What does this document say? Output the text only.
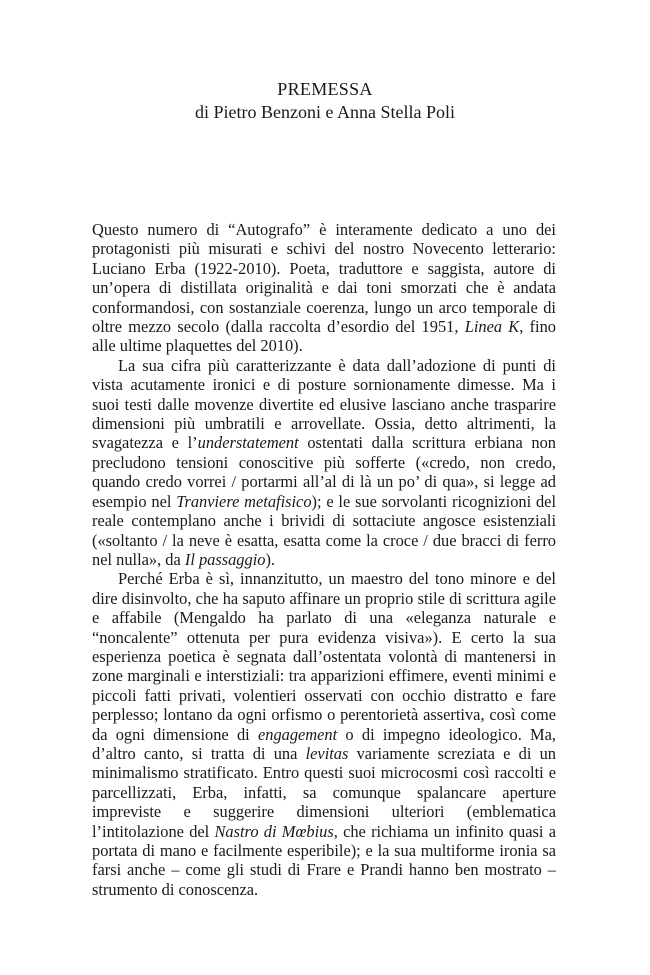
PREMESSA
di Pietro Benzoni e Anna Stella Poli

Questo numero di “Autografo” è interamente dedicato a uno dei protagonisti più misurati e schivi del nostro Novecento letterario: Luciano Erba (1922-2010). Poeta, traduttore e saggista, autore di un’opera di distillata originalità e dai toni smorzati che è andata conformandosi, con sostanziale coerenza, lungo un arco temporale di oltre mezzo secolo (dalla raccolta d’esordio del 1951, Linea K, fino alle ultime plaquettes del 2010).

La sua cifra più caratterizzante è data dall’adozione di punti di vista acutamente ironici e di posture sornionamente dimesse. Ma i suoi testi dalle movenze divertite ed elusive lasciano anche trasparire dimensioni più umbratili e arrovellate. Ossia, detto altrimenti, la svagatezza e l’understatement ostentati dalla scrittura erbiana non precludono tensioni conoscitive più sofferte («credo, non credo, quando credo vorrei / portarmi all’al di là un po’ di qua», si legge ad esempio nel Tranviere metafisico); e le sue sorvolanti ricognizioni del reale contemplano anche i brividi di sottaciute angosce esistenziali («soltanto / la neve è esatta, esatta come la croce / due bracci di ferro nel nulla», da Il passaggio).

Perché Erba è sì, innanzitutto, un maestro del tono minore e del dire disinvolto, che ha saputo affinare un proprio stile di scrittura agile e affabile (Mengaldo ha parlato di una «eleganza naturale e “noncalente” ottenuta per pura evidenza visiva»). E certo la sua esperienza poetica è segnata dall’ostentata volontà di mantenersi in zone marginali e interstiziali: tra apparizioni effimere, eventi minimi e piccoli fatti privati, volentieri osservati con occhio distratto e fare perplesso; lontano da ogni orfismo o perentorietà assertiva, così come da ogni dimensione di engagement o di impegno ideologico. Ma, d’altro canto, si tratta di una levitas variamente screziata e di un minimalismo stratificato. Entro questi suoi microcosmi così raccolti e parcellizzati, Erba, infatti, sa comunque spalancare aperture impreviste e suggerire dimensioni ulteriori (emblematica l’intitolazione del Nastro di Mœbius, che richiama un infinito quasi a portata di mano e facilmente esperibile); e la sua multiforme ironia sa farsi anche – come gli studi di Frare e Prandi hanno ben mostrato – strumento di conoscenza.
